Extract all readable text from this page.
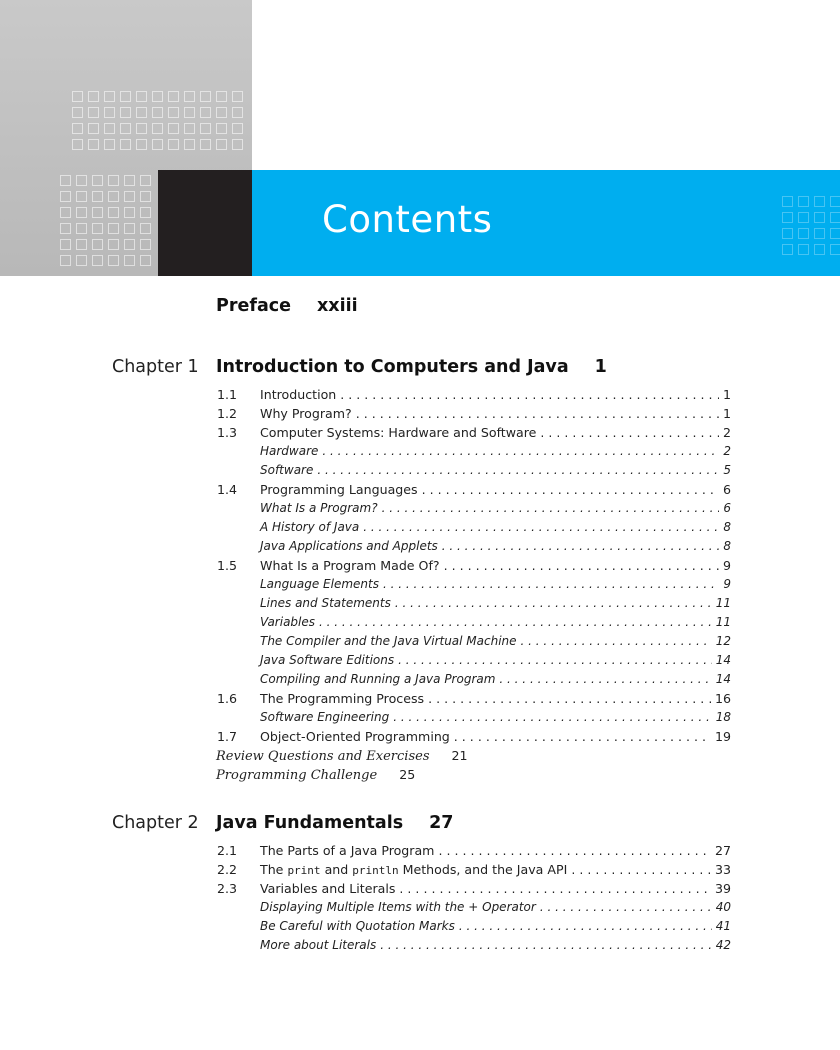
Contents
Preface xxiii
Chapter 1 Introduction to Computers and Java 1
1.1 Introduction . . .	1
1.2 Why Program? . . .	1
1.3 Computer Systems: Hardware and Software . . .	2
Hardware . . .	2
Software . . .	5
1.4 Programming Languages . . .	6
What Is a Program? . . .	6
A History of Java . . .	8
Java Applications and Applets . . .	8
1.5 What Is a Program Made Of? . . .	9
Language Elements . . .	9
Lines and Statements . . .	11
Variables . . .	11
The Compiler and the Java Virtual Machine . . .	12
Java Software Editions . . .	14
Compiling and Running a Java Program . . .	14
1.6 The Programming Process . . .	16
Software Engineering . . .	18
1.7 Object-Oriented Programming . . .	19
Review Questions and Exercises 21
Programming Challenge 25
Chapter 2 Java Fundamentals 27
2.1 The Parts of a Java Program . . .	27
2.2 The print and println Methods, and the Java API . . .	33
2.3 Variables and Literals . . .	39
Displaying Multiple Items with the + Operator . . .	40
Be Careful with Quotation Marks . . .	41
More about Literals . . .	42
